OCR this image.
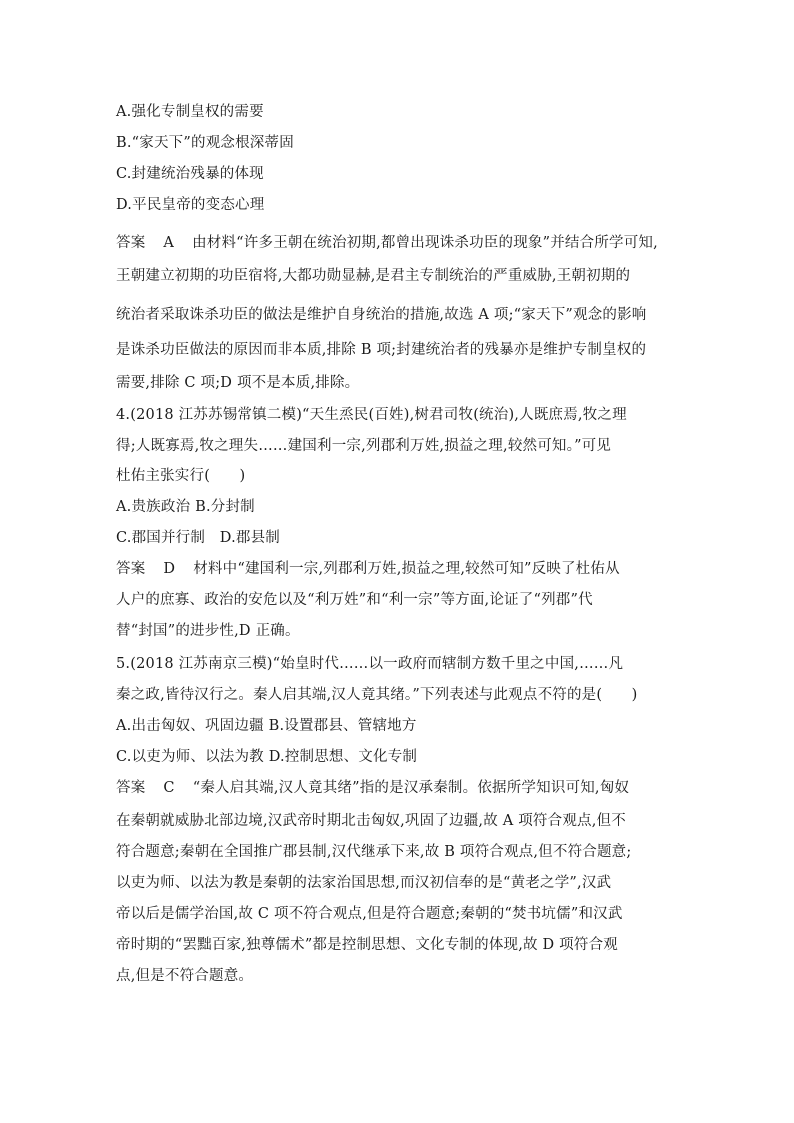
A.强化专制皇权的需要
B.“家天下”的观念根深蒂固
C.封建统治残暴的体现
D.平民皇帝的变态心理
答案 A 由材料“许多王朝在统治初期,都曾出现诛杀功臣的现象”并结合所学可知,
王朝建立初期的功臣宿将,大都功勋显赫,是君主专制统治的严重威胁,王朝初期的
统治者采取诛杀功臣的做法是维护自身统治的措施,故选 A 项;“家天下”观念的影响
是诛杀功臣做法的原因而非本质,排除 B 项;封建统治者的残暴亦是维护专制皇权的
需要,排除 C 项;D 项不是本质,排除。
4.(2018 江苏苏锡常镇二模)“天生烝民(百姓),树君司牧(统治),人既庶焉,牧之理
得;人既寡焉,牧之理失……建国利一宗,列郡利万姓,损益之理,较然可知。”可见
杜佑主张实行(　　)
A.贵族政治 B.分封制
C.郡国并行制　D.郡县制
答案 D 材料中“建国利一宗,列郡利万姓,损益之理,较然可知”反映了杜佑从
人户的庶寡、政治的安危以及“利万姓”和“利一宗”等方面,论证了“列郡”代
替“封国”的进步性,D 正确。
5.(2018 江苏南京三模)“始皇时代……以一政府而辖制方数千里之中国,……凡
秦之政,皆待汉行之。秦人启其端,汉人竟其绪。”下列表述与此观点不符的是(　　)
A.出击匈奴、巩固边疆 B.设置郡县、管辖地方
C.以吏为师、以法为教 D.控制思想、文化专制
答案 C “秦人启其端,汉人竟其绪”指的是汉承秦制。依据所学知识可知,匈奴
在秦朝就威胁北部边境,汉武帝时期北击匈奴,巩固了边疆,故 A 项符合观点,但不
符合题意;秦朝在全国推广郡县制,汉代继承下来,故 B 项符合观点,但不符合题意;
以吏为师、以法为教是秦朝的法家治国思想,而汉初信奉的是“黄老之学”,汉武
帝以后是儒学治国,故 C 项不符合观点,但是符合题意;秦朝的“焚书坑儒”和汉武
帝时期的“罢黜百家,独尊儒术”都是控制思想、文化专制的体现,故 D 项符合观
点,但是不符合题意。
